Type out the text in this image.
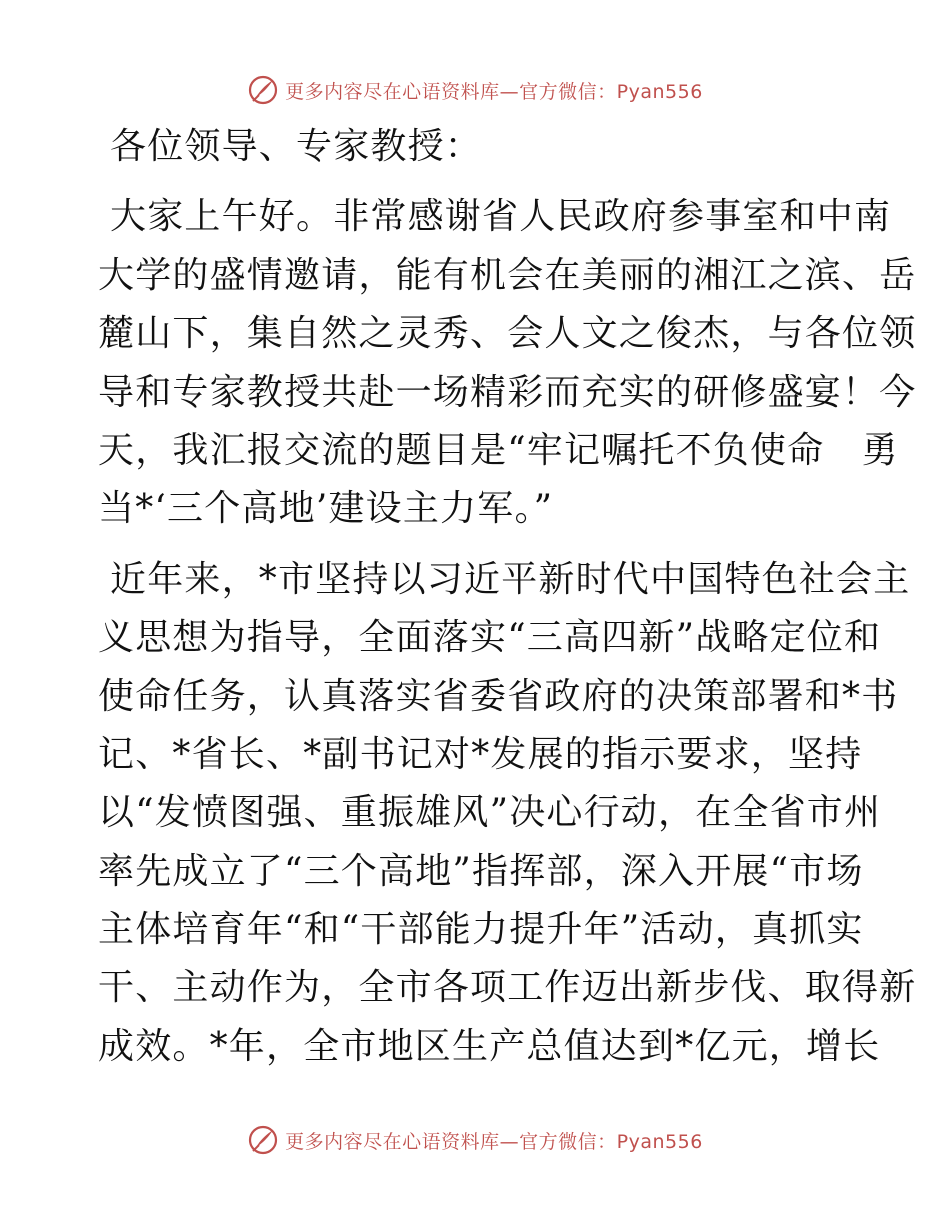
更多内容尽在心语资料库—官方微信：Pyan556
各位领导、专家教授：
大家上午好。非常感谢省人民政府参事室和中南
大学的盛情邀请，能有机会在美丽的湘江之滨、岳
麓山下，集自然之灵秀、会人文之俊杰，与各位领
导和专家教授共赴一场精彩而充实的研修盛宴！今
天，我汇报交流的题目是“牢记嘱托不负使命　勇
当*‘三个高地’建设主力军。”
近年来，*市坚持以习近平新时代中国特色社会主
义思想为指导，全面落实“三高四新”战略定位和
使命任务，认真落实省委省政府的决策部署和*书
记、*省长、*副书记对*发展的指示要求，坚持
以“发愤图强、重振雄风”决心行动，在全省市州
率先成立了“三个高地”指挥部，深入开展“市场
主体培育年“和“干部能力提升年”活动，真抓实
干、主动作为，全市各项工作迈出新步伐、取得新
成效。*年，全市地区生产总值达到*亿元，增长
更多内容尽在心语资料库—官方微信：Pyan556
